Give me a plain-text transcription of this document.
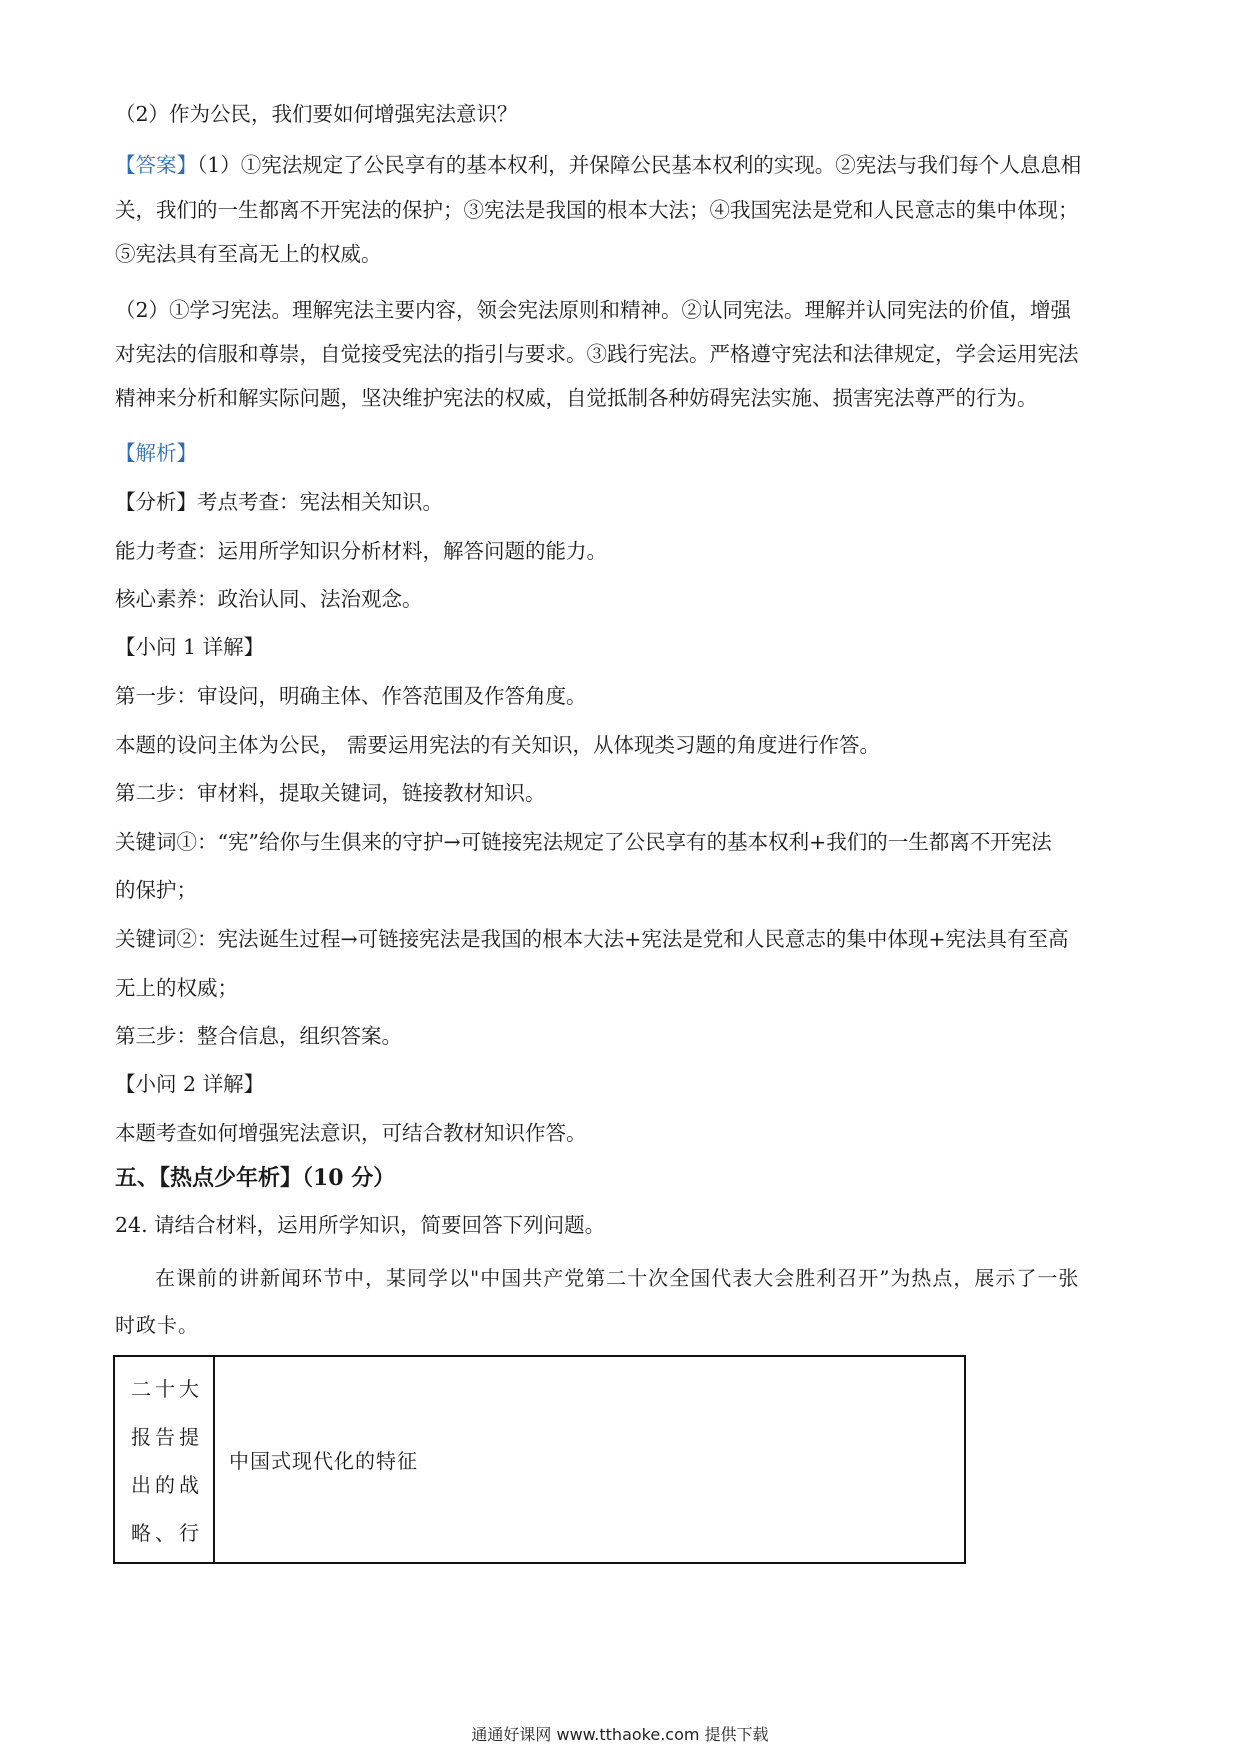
（2）作为公民，我们要如何增强宪法意识？
【答案】（1）①宪法规定了公民享有的基本权利，并保障公民基本权利的实现。②宪法与我们每个人息息相
关，我们的一生都离不开宪法的保护；③宪法是我国的根本大法；④我国宪法是党和人民意志的集中体现；
⑤宪法具有至高无上的权威。
（2）①学习宪法。理解宪法主要内容，领会宪法原则和精神。②认同宪法。理解并认同宪法的价值，增强
对宪法的信服和尊崇，自觉接受宪法的指引与要求。③践行宪法。严格遵守宪法和法律规定，学会运用宪法
精神来分析和解实际问题，坚决维护宪法的权威，自觉抵制各种妨碍宪法实施、损害宪法尊严的行为。
【解析】
【分析】考点考查：宪法相关知识。
能力考查：运用所学知识分析材料，解答问题的能力。
核心素养：政治认同、法治观念。
【小问 1 详解】
第一步：审设问，明确主体、作答范围及作答角度。
本题的设问主体为公民， 需要运用宪法的有关知识，从体现类习题的角度进行作答。
第二步：审材料，提取关键词，链接教材知识。
关键词①：“宪”给你与生俱来的守护→可链接宪法规定了公民享有的基本权利+我们的一生都离不开宪法
的保护；
关键词②：宪法诞生过程→可链接宪法是我国的根本大法+宪法是党和人民意志的集中体现+宪法具有至高
无上的权威；
第三步：整合信息，组织答案。
【小问 2 详解】
本题考查如何增强宪法意识，可结合教材知识作答。
五、【热点少年析】（10 分）
24. 请结合材料，运用所学知识，简要回答下列问题。
在课前的讲新闻环节中，某同学以"中国共产党第二十次全国代表大会胜利召开”为热点，展示了一张
时政卡。
二十大
报告提
出的战
略、行
中国式现代化的特征
通通好课网 www.tthaoke.com 提供下载
